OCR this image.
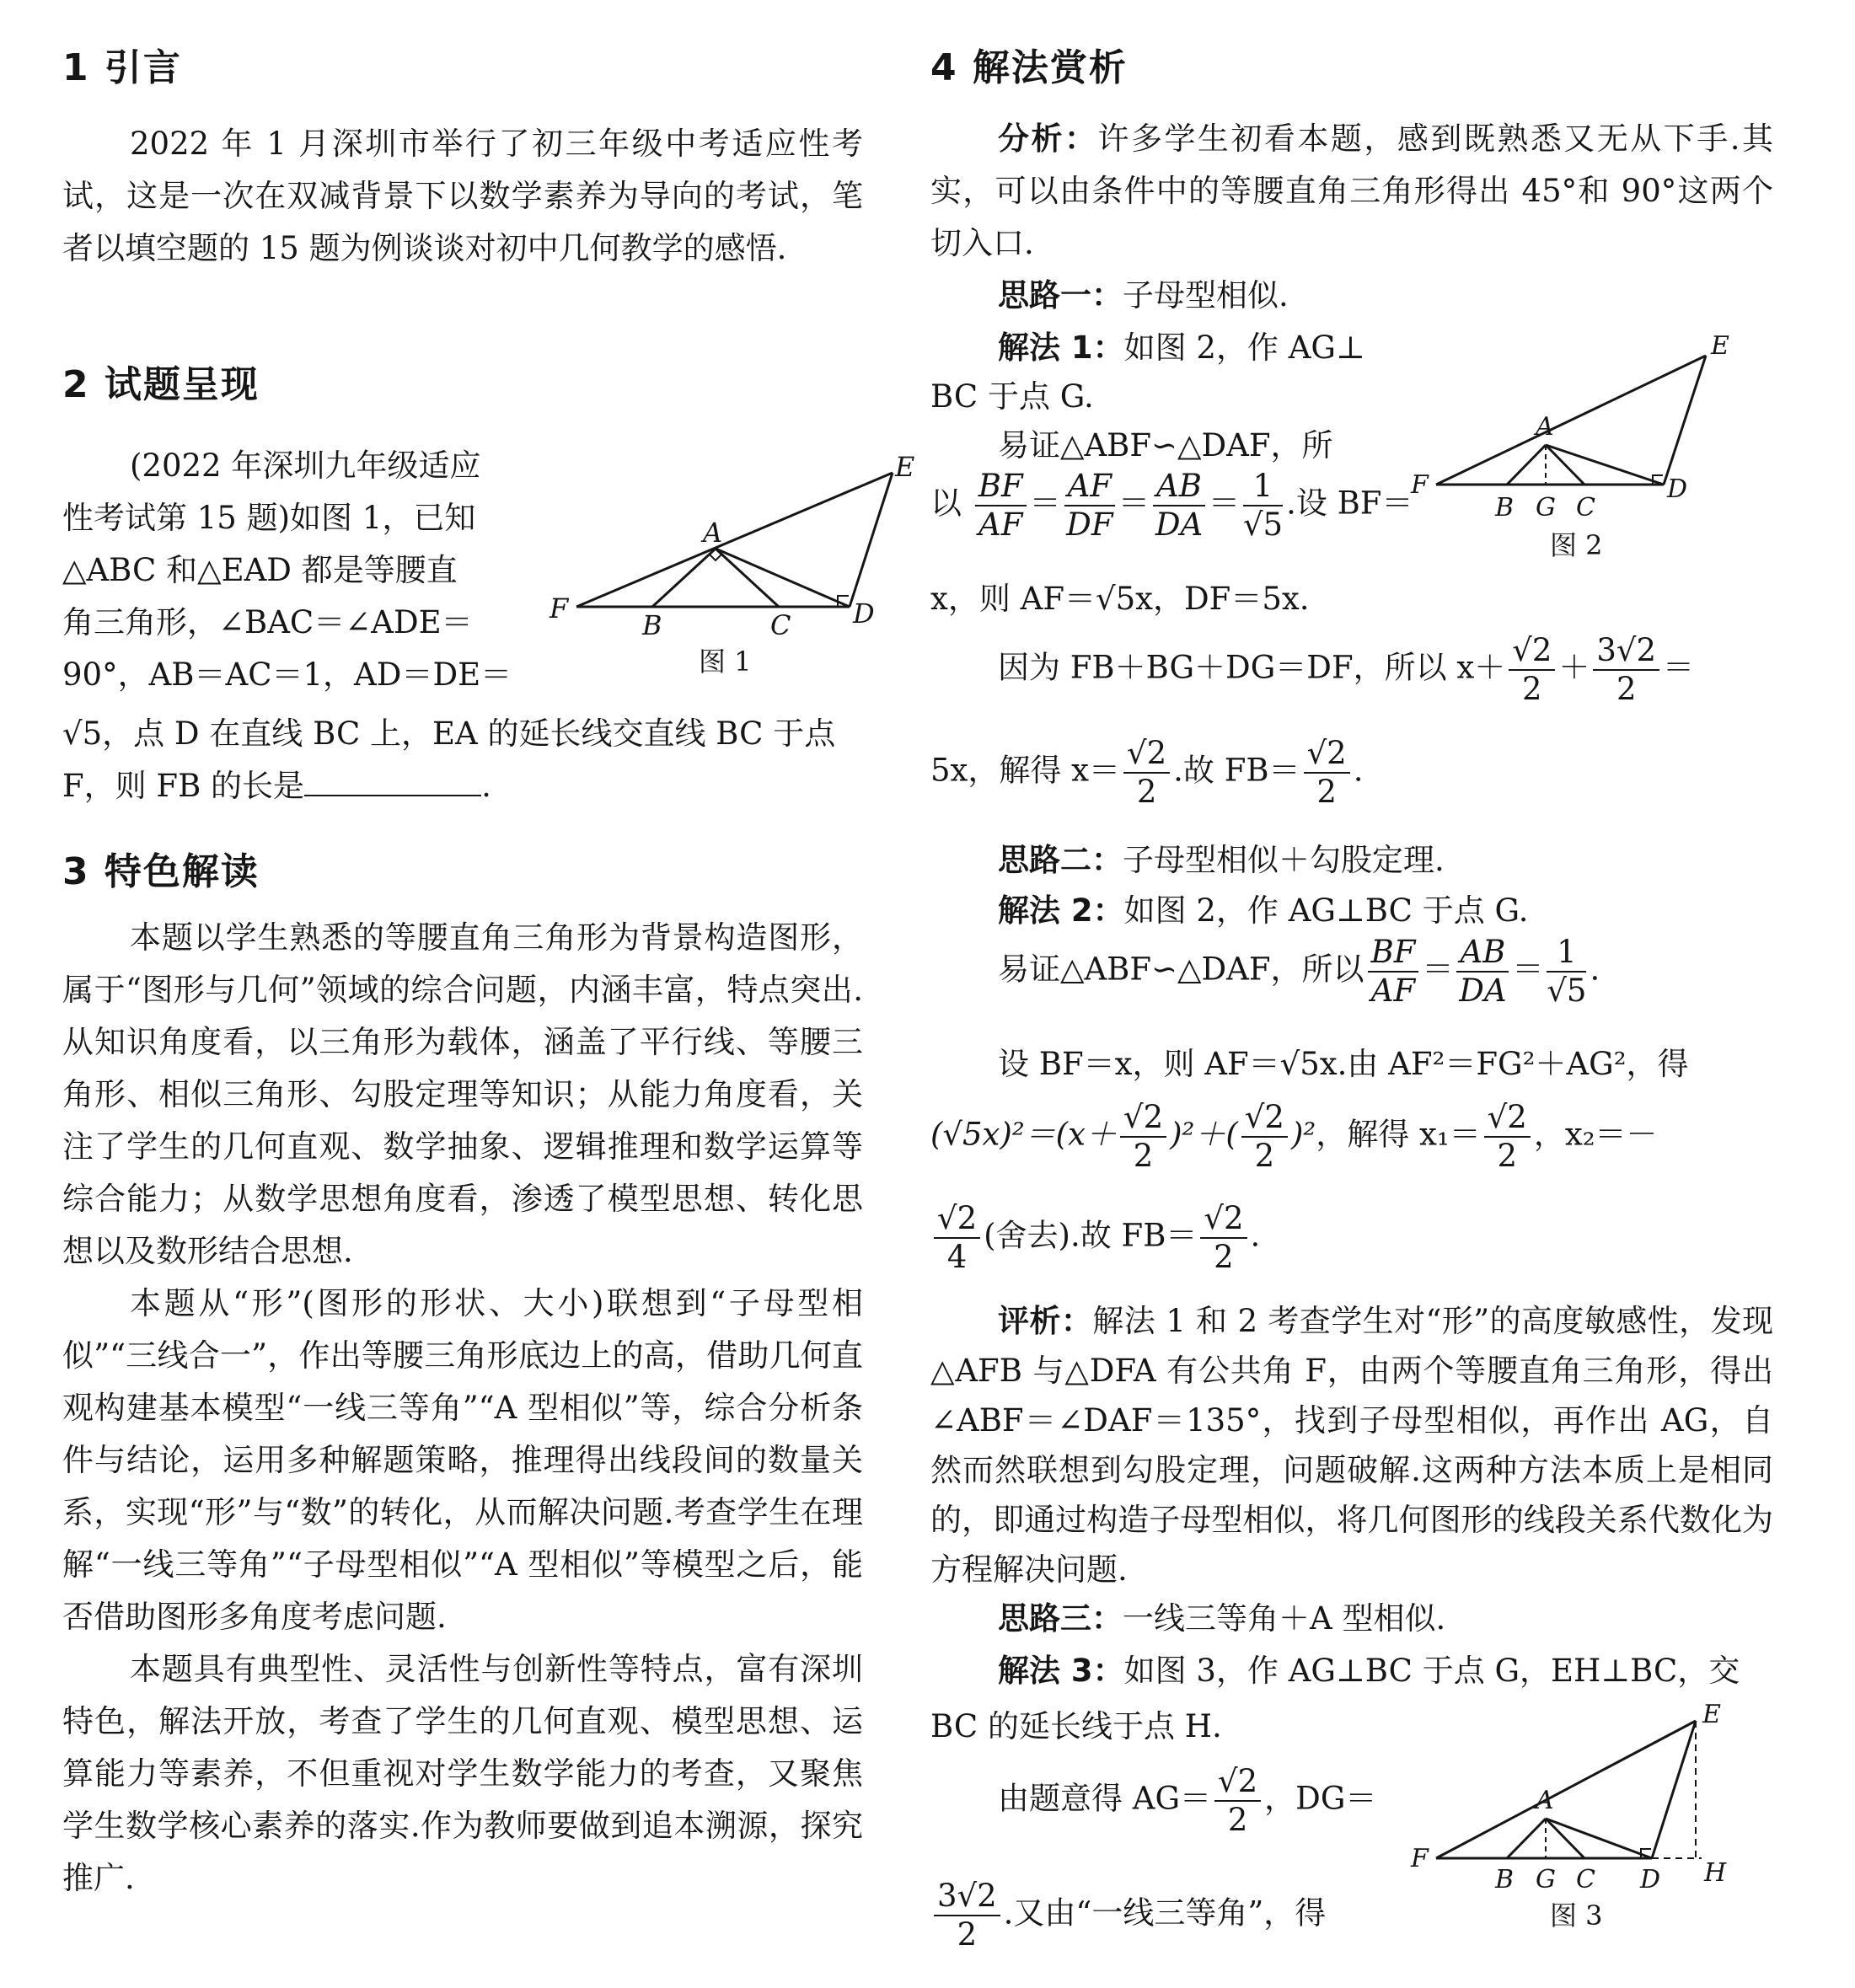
1 引言
2022 年 1 月深圳市举行了初三年级中考适应性考试，这是一次在双减背景下以数学素养为导向的考试，笔者以填空题的 15 题为例谈谈对初中几何教学的感悟.
2 试题呈现
(2022 年深圳九年级适应
性考试第 15 题)如图 1，已知
△ABC 和△EAD 都是等腰直
角三角形，∠BAC＝∠ADE＝
90°，AB＝AC＝1，AD＝DE＝
√5，点 D 在直线 BC 上，EA 的延长线交直线 BC 于点
F，则 FB 的长是	.
E
A
F
B	C D
图 1
3 特色解读

本题以学生熟悉的等腰直角三角形为背景构造图形，属于“图形与几何”领域的综合问题，内涵丰富，特点突出.从知识角度看，以三角形为载体，涵盖了平行线、等腰三角形、相似三角形、勾股定理等知识；从能力角度看，关注了学生的几何直观、数学抽象、逻辑推理和数学运算等综合能力；从数学思想角度看，渗透了模型思想、转化思想以及数形结合思想.

本题从“形”(图形的形状、大小)联想到“子母型相似”“三线合一”，作出等腰三角形底边上的高，借助几何直观构建基本模型“一线三等角”“A 型相似”等，综合分析条件与结论，运用多种解题策略，推理得出线段间的数量关系，实现“形”与“数”的转化，从而解决问题.考查学生在理解“一线三等角”“子母型相似”“A 型相似”等模型之后，能否借助图形多角度考虑问题.

本题具有典型性、灵活性与创新性等特点，富有深圳特色，解法开放，考查了学生的几何直观、模型思想、运算能力等素养，不但重视对学生数学能力的考查，又聚焦学生数学核心素养的落实.作为教师要做到追本溯源，探究推广.

4 解法赏析
分析：许多学生初看本题，感到既熟悉又无从下手.其实，可以由条件中的等腰直角三角形得出 45°和 90°这两个切入口.
思路一：子母型相似.
解法 1：如图 2，作 AG⊥
BC 于点 G.
易证△ABF∽△DAF，所
以 $\frac{BF}{AF} = \frac{AF}{DF} = \frac{AB}{DA} = \frac{1}{√5}$ .设 BF＝
x，则 AF＝√5x，DF＝5x.
因为 FB＋BG＋DG＝DF，所以 $x+ \frac{√2}{2} + \frac{3√2}{2}$ ＝
5x，解得 $x= \frac{√2}{2}$ .故 $FB= \frac{√2}{2}$ .
思路二：子母型相似＋勾股定理.
解法 2：如图 2，作 AG⊥BC 于点 G.
易证△ABF∽△DAF，所以 $\frac{BF}{AF} = \frac{AB}{DA} = \frac{1}{√5}$ .
设 BF＝x，则 AF＝√5x.由 AF²＝FG²＋AG²，得
$(√5x)^2=(x+ \frac{√2}{2} )^2+( \frac{√2}{2} )^2$，解得 $x_1= \frac{√2}{2}$ ，x₂＝－
$\frac{√2}{4}$ (舍去).故 $FB= \frac{√2}{2}$ .
评析：解法 1 和 2 考查学生对“形”的高度敏感性，发现△AFB 与△DFA 有公共角 F，由两个等腰直角三角形，得出∠ABF＝∠DAF＝135°，找到子母型相似，再作出 AG，自然而然联想到勾股定理，问题破解.这两种方法本质上是相同的，即通过构造子母型相似，将几何图形的线段关系代数化为方程解决问题.
思路三：一线三等角＋A 型相似.
解法 3：如图 3，作 AG⊥BC 于点 G，EH⊥BC，交
BC 的延长线于点 H.
由题意得 $AG= \frac{√2}{2}$ ，DG＝
$\frac{3√2}{2}$ .又由“一线三等角”，得
E
A
F
B G C
D
图 2
E
A
F
B G C D H
图 3
